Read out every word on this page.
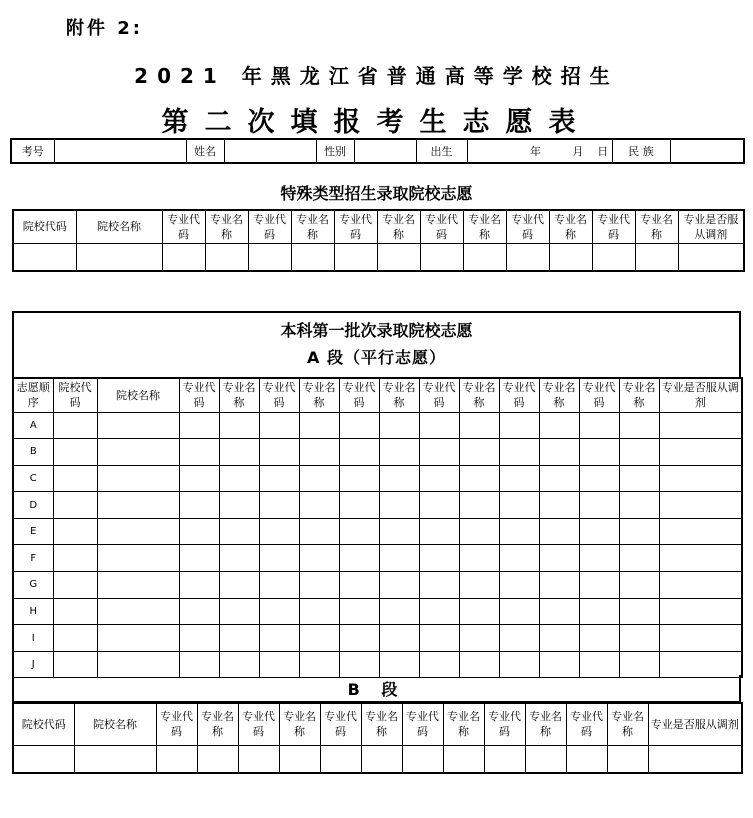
附件 2:
2021 年黑龙江省普通高等学校招生
第二次填报考生志愿表
考号		姓名		性别		出生		年	月	日	民 族	
特殊类型招生录取院校志愿
院校代码	院校名称	专业代码	专业名称	专业代码	专业名称	专业代码	专业名称	专业代码	专业名称	专业代码	专业名称	专业代码	专业名称	专业是否服从调剂

本科第一批次录取院校志愿
A 段（平行志愿）
志愿顺序	院校代码	院校名称	专业代码	专业名称	专业代码	专业名称	专业代码	专业名称	专业代码	专业名称	专业代码	专业名称	专业代码	专业名称	专业是否服从调剂
A															
B															
C															
D															
E															
F															
G															
H															
I															
J															
B 段
院校代码	院校名称	专业代码	专业名称	专业代码	专业名称	专业代码	专业名称	专业代码	专业名称	专业代码	专业名称	专业代码	专业名称	专业是否服从调剂
